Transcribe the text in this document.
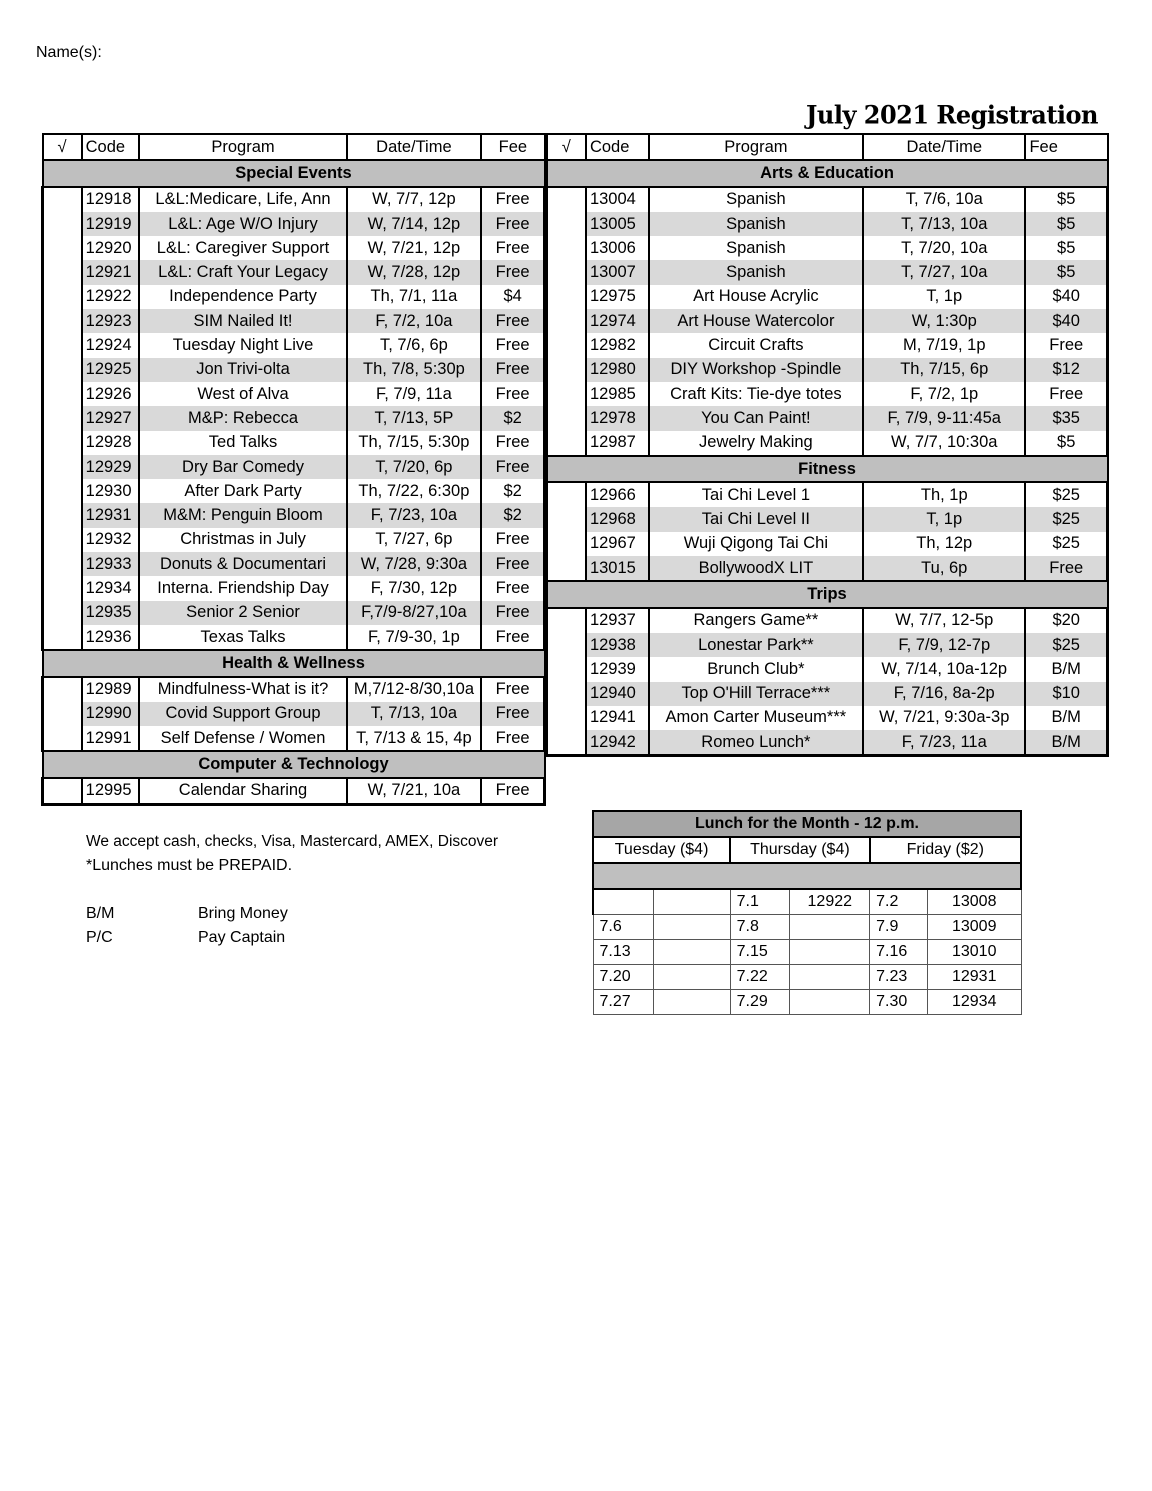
Name(s):
July 2021 Registration
√	Code	Program	Date/Time	Fee
Special Events				
	12918	L&L:Medicare, Life, Ann	W, 7/7, 12p	Free
	12919	L&L: Age W/O Injury	W, 7/14, 12p	Free
	12920	L&L: Caregiver Support	W, 7/21, 12p	Free
	12921	L&L: Craft Your Legacy	W, 7/28, 12p	Free
	12922	Independence Party	Th, 7/1, 11a	$4
	12923	SIM Nailed It!	F, 7/2, 10a	Free
	12924	Tuesday Night Live	T, 7/6, 6p	Free
	12925	Jon Trivi-olta	Th, 7/8, 5:30p	Free
	12926	West of Alva	F, 7/9, 11a	Free
	12927	M&P: Rebecca	T, 7/13, 5P	$2
	12928	Ted Talks	Th, 7/15, 5:30p	Free
	12929	Dry Bar Comedy	T, 7/20, 6p	Free
	12930	After Dark Party	Th, 7/22, 6:30p	$2
	12931	M&M: Penguin Bloom	F, 7/23, 10a	$2
	12932	Christmas in July	T, 7/27, 6p	Free
	12933	Donuts & Documentari	W, 7/28, 9:30a	Free
	12934	Interna. Friendship Day	F, 7/30, 12p	Free
	12935	Senior 2 Senior	F,7/9-8/27,10a	Free
	12936	Texas Talks	F, 7/9-30, 1p	Free
Health & Wellness				
	12989	Mindfulness-What is it?	M,7/12-8/30,10a	Free
	12990	Covid Support Group	T, 7/13, 10a	Free
	12991	Self Defense / Women	T, 7/13 & 15, 4p	Free
Computer & Technology				
	12995	Calendar Sharing	W, 7/21, 10a	Free
√	Code	Program	Date/Time	Fee
Arts & Education				
	13004	Spanish	T, 7/6, 10a	$5
	13005	Spanish	T, 7/13, 10a	$5
	13006	Spanish	T, 7/20, 10a	$5
	13007	Spanish	T, 7/27, 10a	$5
	12975	Art House Acrylic	T, 1p	$40
	12974	Art House Watercolor	W, 1:30p	$40
	12982	Circuit Crafts	M, 7/19, 1p	Free
	12980	DIY Workshop -Spindle	Th, 7/15, 6p	$12
	12985	Craft Kits: Tie-dye totes	F, 7/2, 1p	Free
	12978	You Can Paint!	F, 7/9, 9-11:45a	$35
	12987	Jewelry Making	W, 7/7, 10:30a	$5
Fitness				
	12966	Tai Chi Level 1	Th, 1p	$25
	12968	Tai Chi Level II	T, 1p	$25
	12967	Wuji Qigong Tai Chi	Th, 12p	$25
	13015	BollywoodX LIT	Tu, 6p	Free
Trips				
	12937	Rangers Game**	W, 7/7, 12-5p	$20
	12938	Lonestar Park**	F, 7/9, 12-7p	$25
	12939	Brunch Club*	W, 7/14, 10a-12p	B/M
	12940	Top O'Hill Terrace***	F, 7/16, 8a-2p	$10
	12941	Amon Carter Museum***	W, 7/21, 9:30a-3p	B/M
	12942	Romeo Lunch*	F, 7/23, 11a	B/M
We accept cash, checks, Visa, Mastercard, AMEX, Discover
*Lunches must be PREPAID.
B/M	Bring Money
P/C	Pay Captain
Lunch for the Month - 12 p.m.					
Tuesday ($4)		Thursday ($4)		Friday ($2)	

		7.1	12922	7.2	13008
7.6		7.8		7.9	13009
7.13		7.15		7.16	13010
7.20		7.22		7.23	12931
7.27		7.29		7.30	12934
